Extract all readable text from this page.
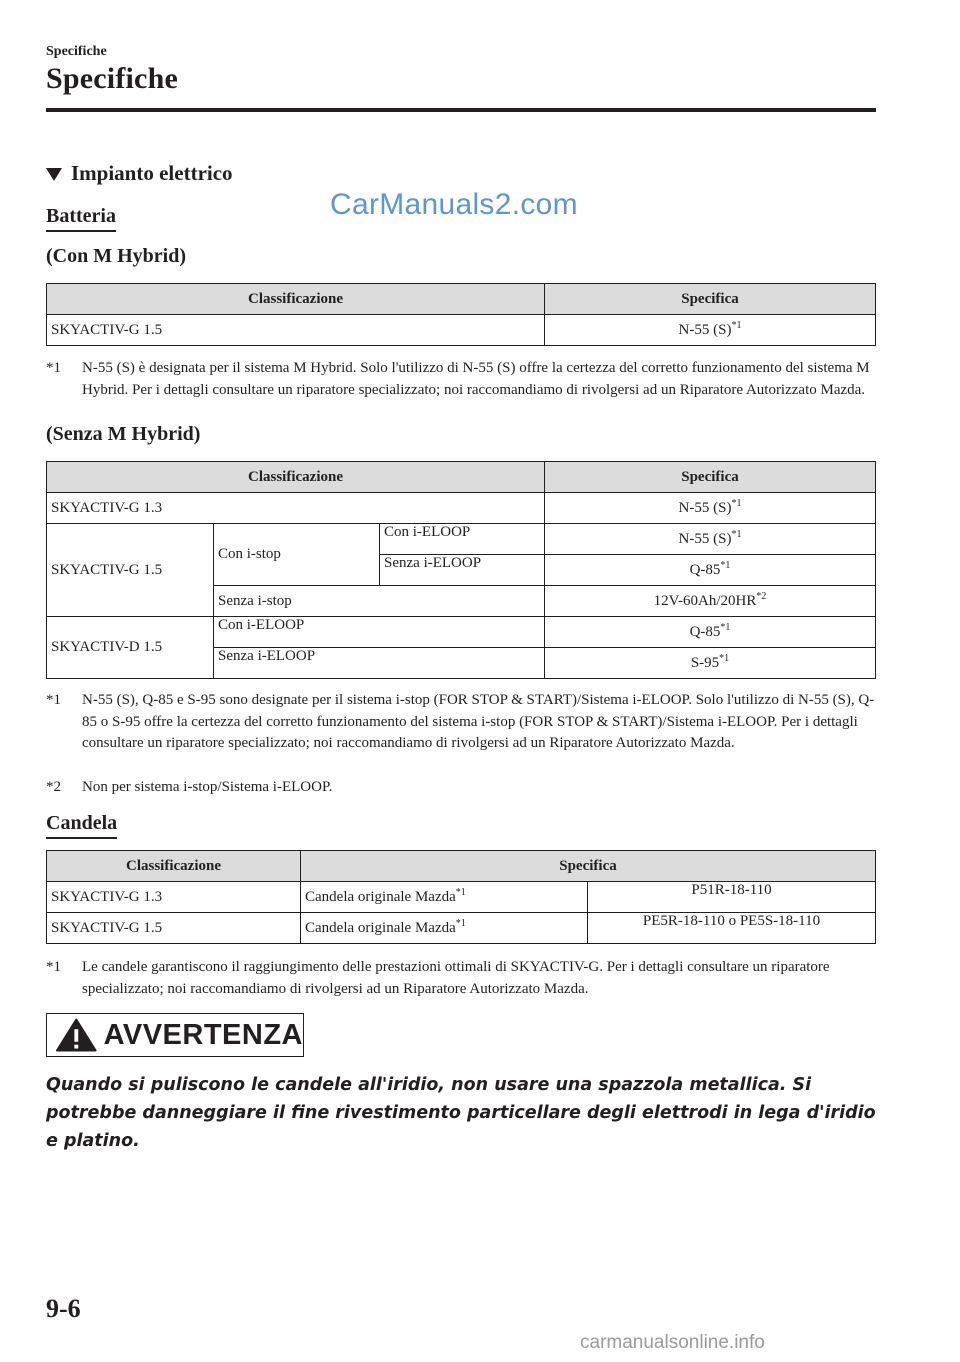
Specifiche
Specifiche
Impianto elettrico
CarManuals2.com
Batteria
(Con M Hybrid)
Classificazione	Specifica
SKYACTIV-G 1.5	N-55 $(S)^{*1}$
*1 N-55 (S) è designata per il sistema M Hybrid. Solo l'utilizzo di N-55 (S) offre la certezza del corretto funzionamento del sistema M Hybrid. Per i dettagli consultare un riparatore specializzato; noi raccomandiamo di rivolgersi ad un Riparatore Autorizzato Mazda.
(Senza M Hybrid)
Classificazione			Specifica
SKYACTIV-G 1.3			N-55 $(S)^{*1}$
SKYACTIV-G 1.5	Con i-stop	Con i-ELOOP	N-55 $(S)^{*1}$
		Senza i-ELOOP	Q-85$^{*1}$
	Senza i-stop		12V-60Ah/20HR$^{*2}$
SKYACTIV-D 1.5	Con i-ELOOP		Q-85$^{*1}$
	Senza i-ELOOP		S-95$^{*1}$
*1 N-55 (S), Q-85 e S-95 sono designate per il sistema i-stop (FOR STOP & START)/Sistema i-ELOOP. Solo l'utilizzo di N-55 (S), Q-85 o S-95 offre la certezza del corretto funzionamento del sistema i-stop (FOR STOP & START)/Sistema i-ELOOP. Per i dettagli consultare un riparatore specializzato; noi raccomandiamo di rivolgersi ad un Riparatore Autorizzato Mazda.
*2 Non per sistema i-stop/Sistema i-ELOOP.
Candela
Classificazione	Specifica	
SKYACTIV-G 1.3	Candela originale Mazda$^{*1}$	P51R-18-110
SKYACTIV-G 1.5	Candela originale Mazda$^{*1}$	PE5R-18-110 o PE5S-18-110
*1 Le candele garantiscono il raggiungimento delle prestazioni ottimali di SKYACTIV-G. Per i dettagli consultare un riparatore specializzato; noi raccomandiamo di rivolgersi ad un Riparatore Autorizzato Mazda.
AVVERTENZA
Quando si puliscono le candele all'iridio, non usare una spazzola metallica. Si potrebbe danneggiare il fine rivestimento particellare degli elettrodi in lega d'iridio e platino.
9-6
carmanualsonline.info
